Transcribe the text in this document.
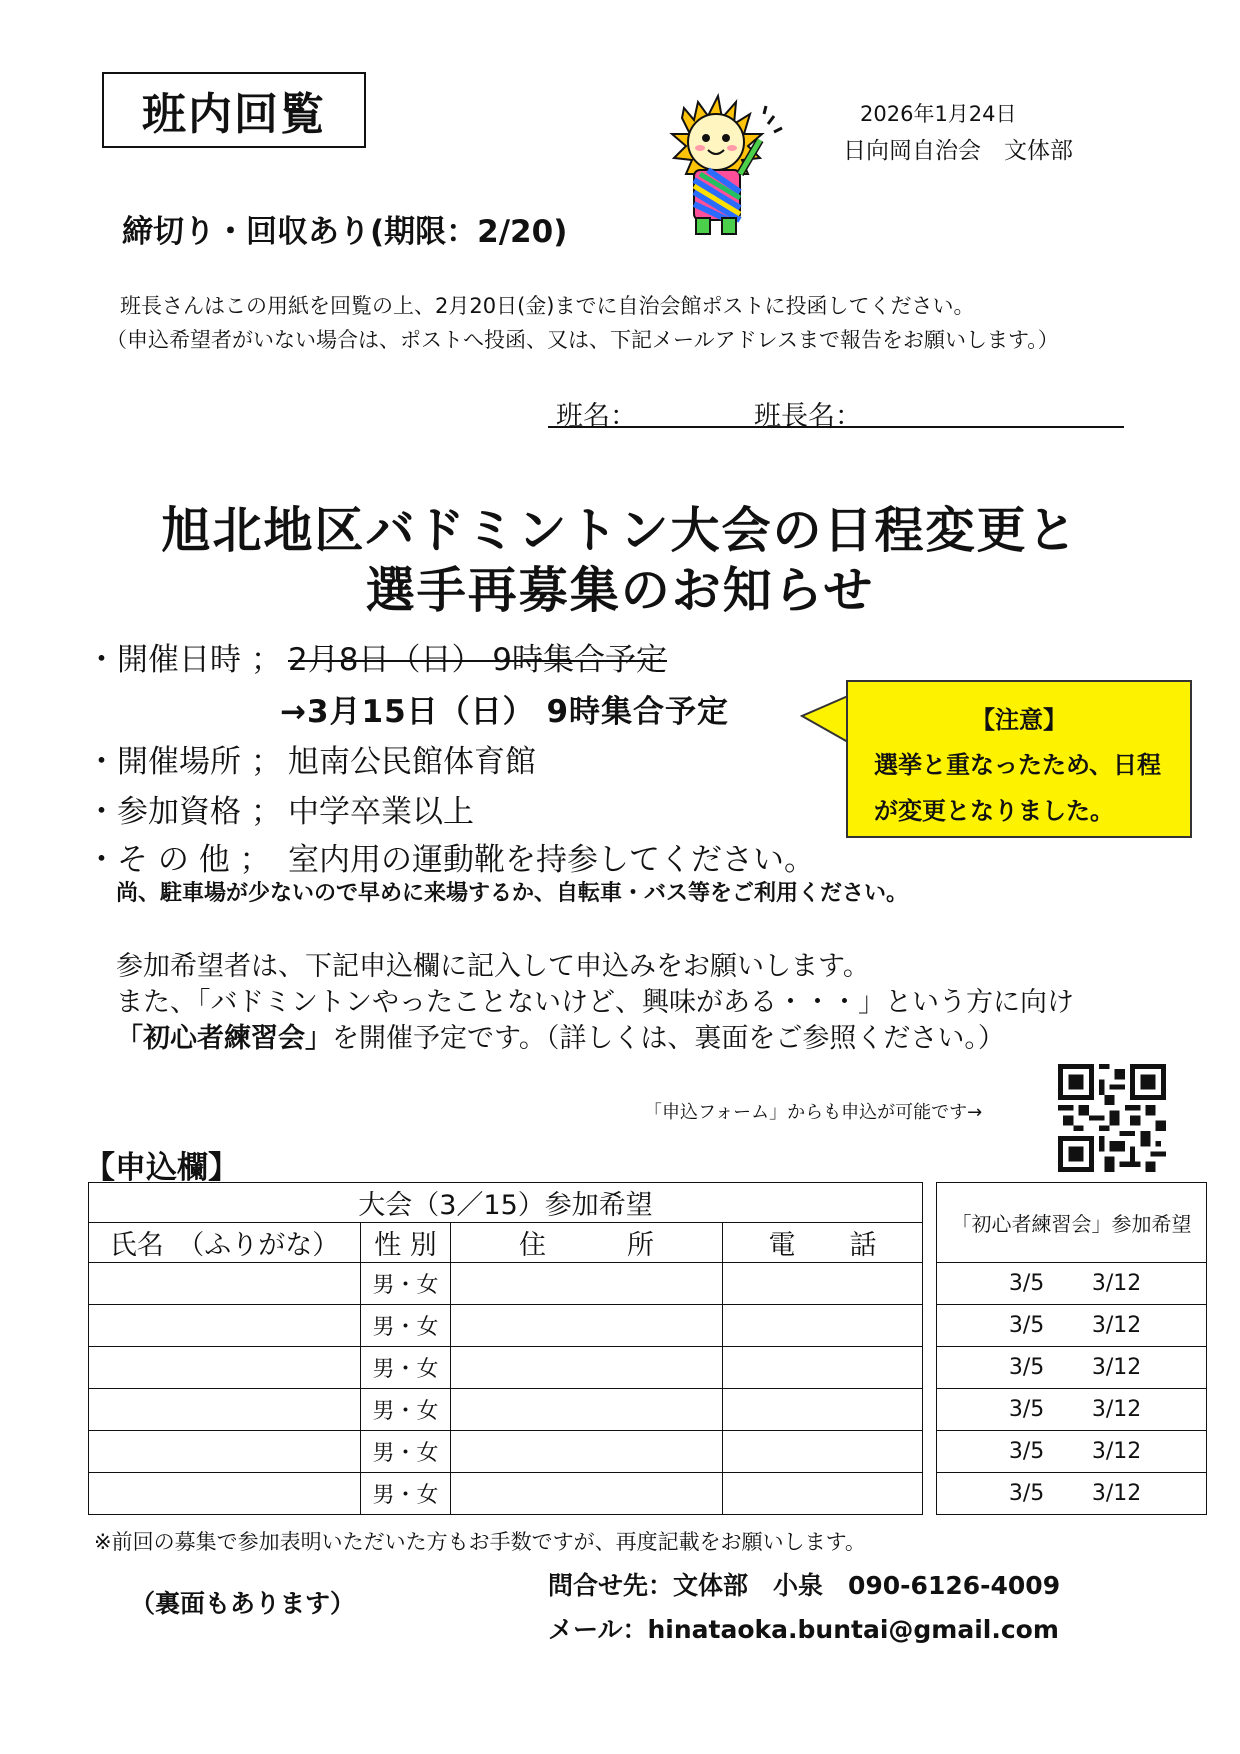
班内回覧	2026年1月24日
日向岡自治会　文体部
締切り・回収あり(期限：2/20)
班長さんはこの用紙を回覧の上、2月20日(金)までに自治会館ポストに投函してください。
（申込希望者がいない場合は、ポストへ投函、又は、下記メールアドレスまで報告をお願いします。）
班名：	班長名：
旭北地区バドミントン大会の日程変更と
選手再募集のお知らせ
・開催日時 ； 2月8日（日） 9時集合予定
→3月15日（日） 9時集合予定
・開催場所 ； 旭南公民館体育館
・参加資格 ； 中学卒業以上
・そ の 他 ； 室内用の運動靴を持参してください。
尚、駐車場が少ないので早めに来場するか、自転車・バス等をご利用ください。
【注意】
選挙と重なったため、日程が変更となりました。
参加希望者は、下記申込欄に記入して申込みをお願いします。
また、「バドミントンやったことないけど、興味がある・・・」という方に向け
「初心者練習会」を開催予定です。（詳しくは、裏面をご参照ください。）
「申込フォーム」からも申込が可能です→
【申込欄】
大会（3／15）参加希望					「初心者練習会」参加希望
氏名　（ふりがな）	性 別	住　　　所	電　　話		
	男・女				3/5 3/12
	男・女				3/5 3/12
	男・女				3/5 3/12
	男・女				3/5 3/12
	男・女				3/5 3/12
	男・女				3/5 3/12
※前回の募集で参加表明いただいた方もお手数ですが、再度記載をお願いします。
（裏面もあります）
問合せ先：文体部　小泉　090-6126-4009
メール：hinataoka.buntai@gmail.com
